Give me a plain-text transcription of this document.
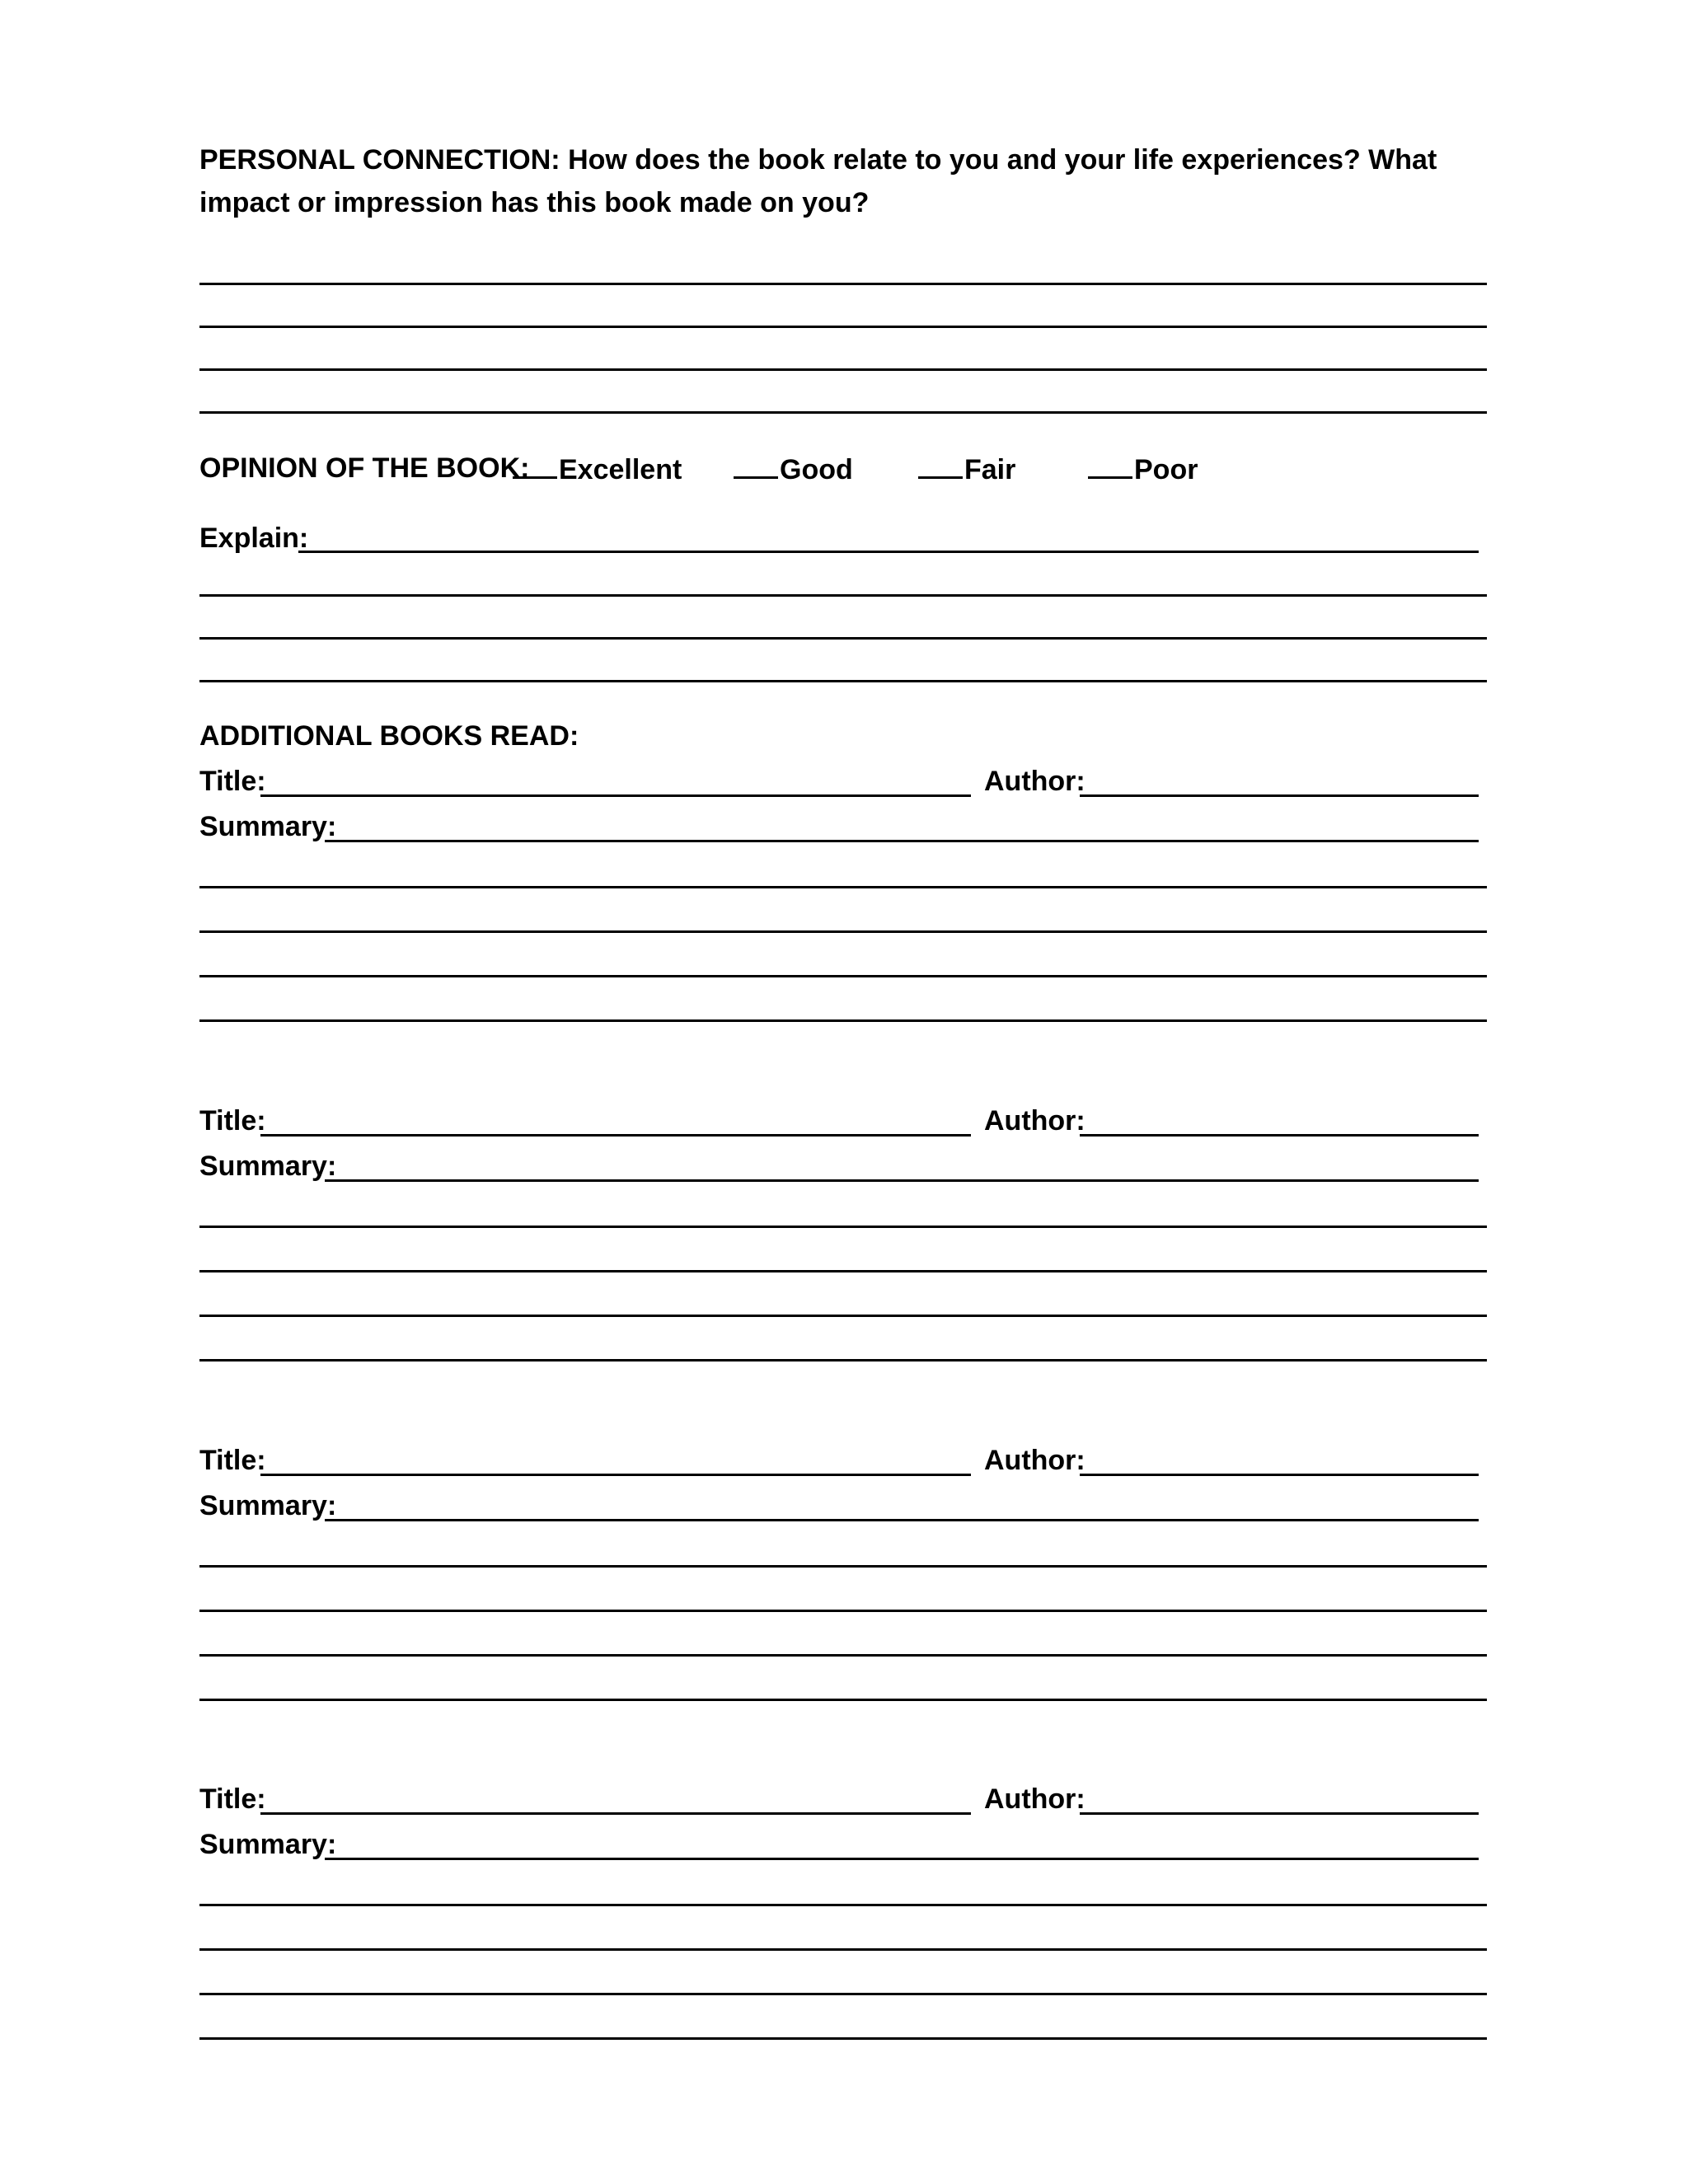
PERSONAL CONNECTION: How does the book relate to you and your life experiences? What impact or impression has this book made on you?
OPINION OF THE BOOK:	Excellent	Good	Fair	Poor
Explain:
ADDITIONAL BOOKS READ:
Title:	Author:
Summary:
Title:	Author:
Summary:
Title:	Author:
Summary:
Title:	Author:
Summary:
